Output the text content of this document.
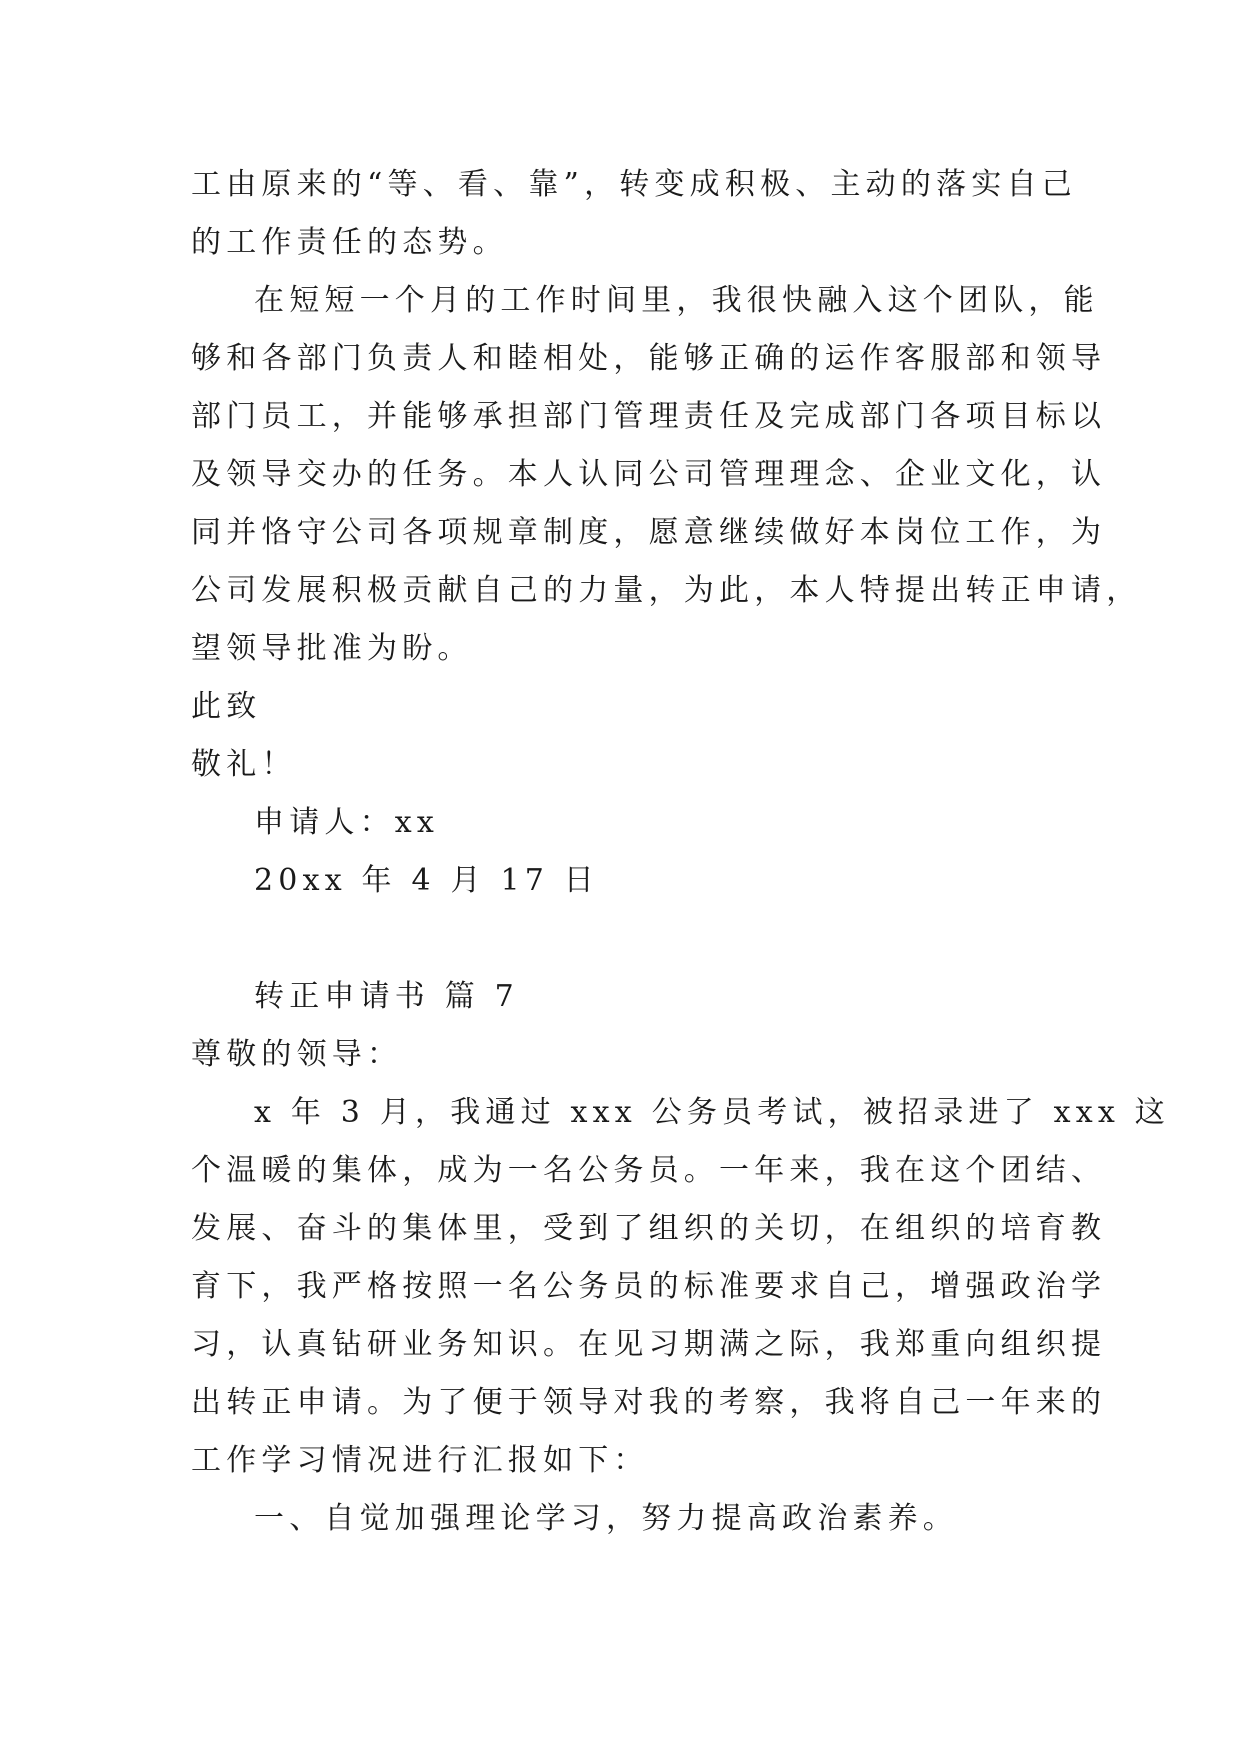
工由原来的“等、看、靠”，转变成积极、主动的落实自己
的工作责任的态势。
在短短一个月的工作时间里，我很快融入这个团队，能
够和各部门负责人和睦相处，能够正确的运作客服部和领导
部门员工，并能够承担部门管理责任及完成部门各项目标以
及领导交办的任务。本人认同公司管理理念、企业文化，认
同并恪守公司各项规章制度，愿意继续做好本岗位工作，为
公司发展积极贡献自己的力量，为此，本人特提出转正申请，
望领导批准为盼。
此致
敬礼！
申请人：xx
20xx 年 4 月 17 日
转正申请书 篇 7
尊敬的领导：
x 年 3 月，我通过 xxx 公务员考试，被招录进了 xxx 这
个温暖的集体，成为一名公务员。一年来，我在这个团结、
发展、奋斗的集体里，受到了组织的关切，在组织的培育教
育下，我严格按照一名公务员的标准要求自己，增强政治学
习，认真钻研业务知识。在见习期满之际，我郑重向组织提
出转正申请。为了便于领导对我的考察，我将自己一年来的
工作学习情况进行汇报如下：
一、自觉加强理论学习，努力提高政治素养。
